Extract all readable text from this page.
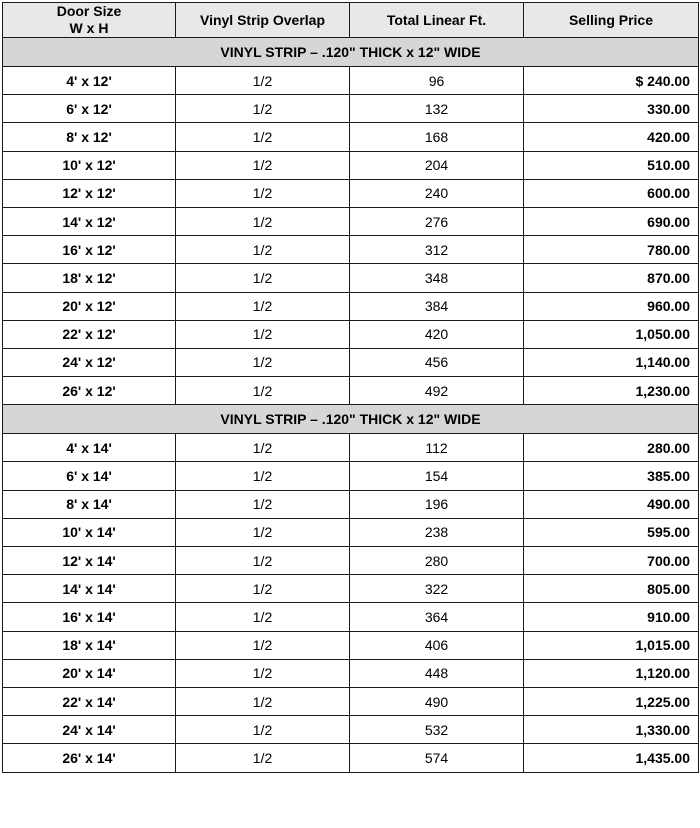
Door Size
W x H	Vinyl Strip Overlap	Total Linear Ft.	Selling Price
VINYL STRIP – .120" THICK x 12" WIDE			
4' x 12'	1/2	96	$ 240.00
6' x 12'	1/2	132	330.00
8' x 12'	1/2	168	420.00
10' x 12'	1/2	204	510.00
12' x 12'	1/2	240	600.00
14' x 12'	1/2	276	690.00
16' x 12'	1/2	312	780.00
18' x 12'	1/2	348	870.00
20' x 12'	1/2	384	960.00
22' x 12'	1/2	420	1,050.00
24' x 12'	1/2	456	1,140.00
26' x 12'	1/2	492	1,230.00
VINYL STRIP – .120" THICK x 12" WIDE			
4' x 14'	1/2	112	280.00
6' x 14'	1/2	154	385.00
8' x 14'	1/2	196	490.00
10' x 14'	1/2	238	595.00
12' x 14'	1/2	280	700.00
14' x 14'	1/2	322	805.00
16' x 14'	1/2	364	910.00
18' x 14'	1/2	406	1,015.00
20' x 14'	1/2	448	1,120.00
22' x 14'	1/2	490	1,225.00
24' x 14'	1/2	532	1,330.00
26' x 14'	1/2	574	1,435.00
